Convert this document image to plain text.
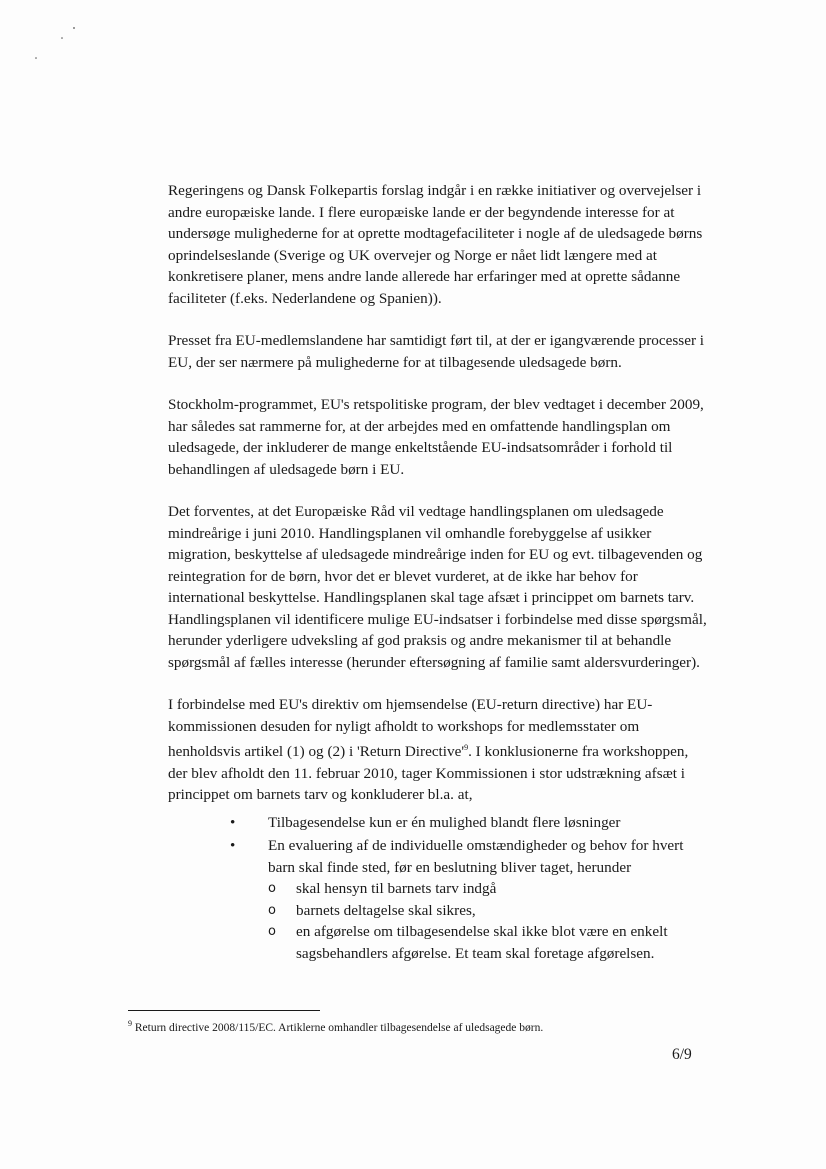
Regeringens og Dansk Folkepartis forslag indgår i en række initiativer og overvejelser i andre europæiske lande. I flere europæiske lande er der begyndende interesse for at undersøge mulighederne for at oprette modtagefaciliteter i nogle af de uledsagede børns oprindelseslande (Sverige og UK overvejer og Norge er nået lidt længere med at konkretisere planer, mens andre lande allerede har erfaringer med at oprette sådanne faciliteter (f.eks. Nederlandene og Spanien)).

Presset fra EU-medlemslandene har samtidigt ført til, at der er igangværende processer i EU, der ser nærmere på mulighederne for at tilbagesende uledsagede børn.

Stockholm-programmet, EU's retspolitiske program, der blev vedtaget i december 2009, har således sat rammerne for, at der arbejdes med en omfattende handlingsplan om uledsagede, der inkluderer de mange enkeltstående EU-indsatsområder i forhold til behandlingen af uledsagede børn i EU.

Det forventes, at det Europæiske Råd vil vedtage handlingsplanen om uledsagede mindreårige i juni 2010. Handlingsplanen vil omhandle forebyggelse af usikker migration, beskyttelse af uledsagede mindreårige inden for EU og evt. tilbagevenden og reintegration for de børn, hvor det er blevet vurderet, at de ikke har behov for international beskyttelse. Handlingsplanen skal tage afsæt i princippet om barnets tarv. Handlingsplanen vil identificere mulige EU-indsatser i forbindelse med disse spørgsmål, herunder yderligere udveksling af god praksis og andre mekanismer til at behandle spørgsmål af fælles interesse (herunder eftersøgning af familie samt aldersvurderinger).

I forbindelse med EU's direktiv om hjemsendelse (EU-return directive) har EU-kommissionen desuden for nyligt afholdt to workshops for medlemsstater om henholdsvis artikel (1) og (2) i 'Return $Directive'^9$. I konklusionerne fra workshoppen, der blev afholdt den 11. februar 2010, tager Kommissionen i stor udstrækning afsæt i princippet om barnets tarv og konkluderer bl.a. at,

• Tilbagesendelse kun er én mulighed blandt flere løsninger
• En evaluering af de individuelle omstændigheder og behov for hvert barn skal finde sted, før en beslutning bliver taget, herunder
o skal hensyn til barnets tarv indgå
o barnets deltagelse skal sikres,
o en afgørelse om tilbagesendelse skal ikke blot være en enkelt sagsbehandlers afgørelse. Et team skal foretage afgørelsen.
$^9$ Return directive 2008/115/EC. Artiklerne omhandler tilbagesendelse af uledsagede børn.
6/9
